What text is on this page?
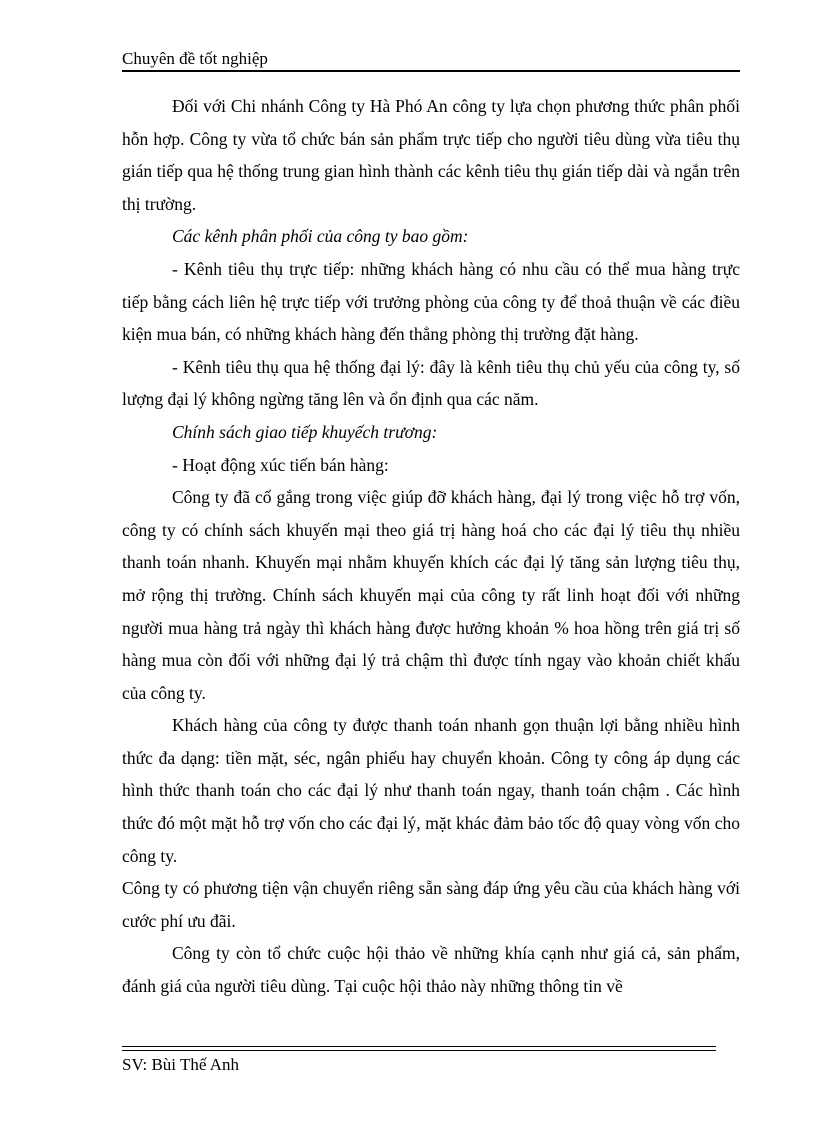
Chuyên đề tốt nghiệp

Đối với Chi nhánh Công ty Hà Phó An công ty lựa chọn phương thức phân phối hỗn hợp. Công ty vừa tổ chức bán sản phẩm trực tiếp cho người tiêu dùng vừa tiêu thụ gián tiếp qua hệ thống trung gian hình thành các kênh tiêu thụ gián tiếp dài và ngắn trên thị trường.

Các kênh phân phối của công ty bao gồm:

- Kênh tiêu thụ trực tiếp: những khách hàng có nhu cầu có thể mua hàng trực tiếp bằng cách liên hệ trực tiếp với trưởng phòng của công ty để thoả thuận về các điều kiện mua bán, có những khách hàng đến thẳng phòng thị trường đặt hàng.

- Kênh tiêu thụ qua hệ thống đại lý: đây là kênh tiêu thụ chủ yếu của công ty, số lượng đại lý không ngừng tăng lên và ổn định qua các năm.

Chính sách giao tiếp khuyếch trương:

- Hoạt động xúc tiến bán hàng:

Công ty đã cố gắng trong việc giúp đỡ khách hàng, đại lý trong việc hỗ trợ vốn, công ty có chính sách khuyến mại theo giá trị hàng hoá cho các đại lý tiêu thụ nhiều thanh toán nhanh. Khuyến mại nhằm khuyến khích các đại lý tăng sản lượng tiêu thụ, mở rộng thị trường. Chính sách khuyến mại của công ty rất linh hoạt đối với những người mua hàng trả ngày thì khách hàng được hưởng khoản % hoa hồng trên giá trị số hàng mua còn đối với những đại lý trả chậm thì được tính ngay vào khoản chiết khấu của công ty.

Khách hàng của công ty được thanh toán nhanh gọn thuận lợi bằng nhiều hình thức đa dạng: tiền mặt, séc, ngân phiếu hay chuyển khoản. Công ty công áp dụng các hình thức thanh toán cho các đại lý như thanh toán ngay, thanh toán chậm . Các hình thức đó một mặt hỗ trợ vốn cho các đại lý, mặt khác đảm bảo tốc độ quay vòng vốn cho công ty.

Công ty có phương tiện vận chuyển riêng sẵn sàng đáp ứng yêu cầu của khách hàng với cước phí ưu đãi.

Công ty còn tổ chức cuộc hội thảo về những khía cạnh như giá cả, sản phẩm, đánh giá của người tiêu dùng. Tại cuộc hội thảo này những thông tin về

SV: Bùi Thế Anh
